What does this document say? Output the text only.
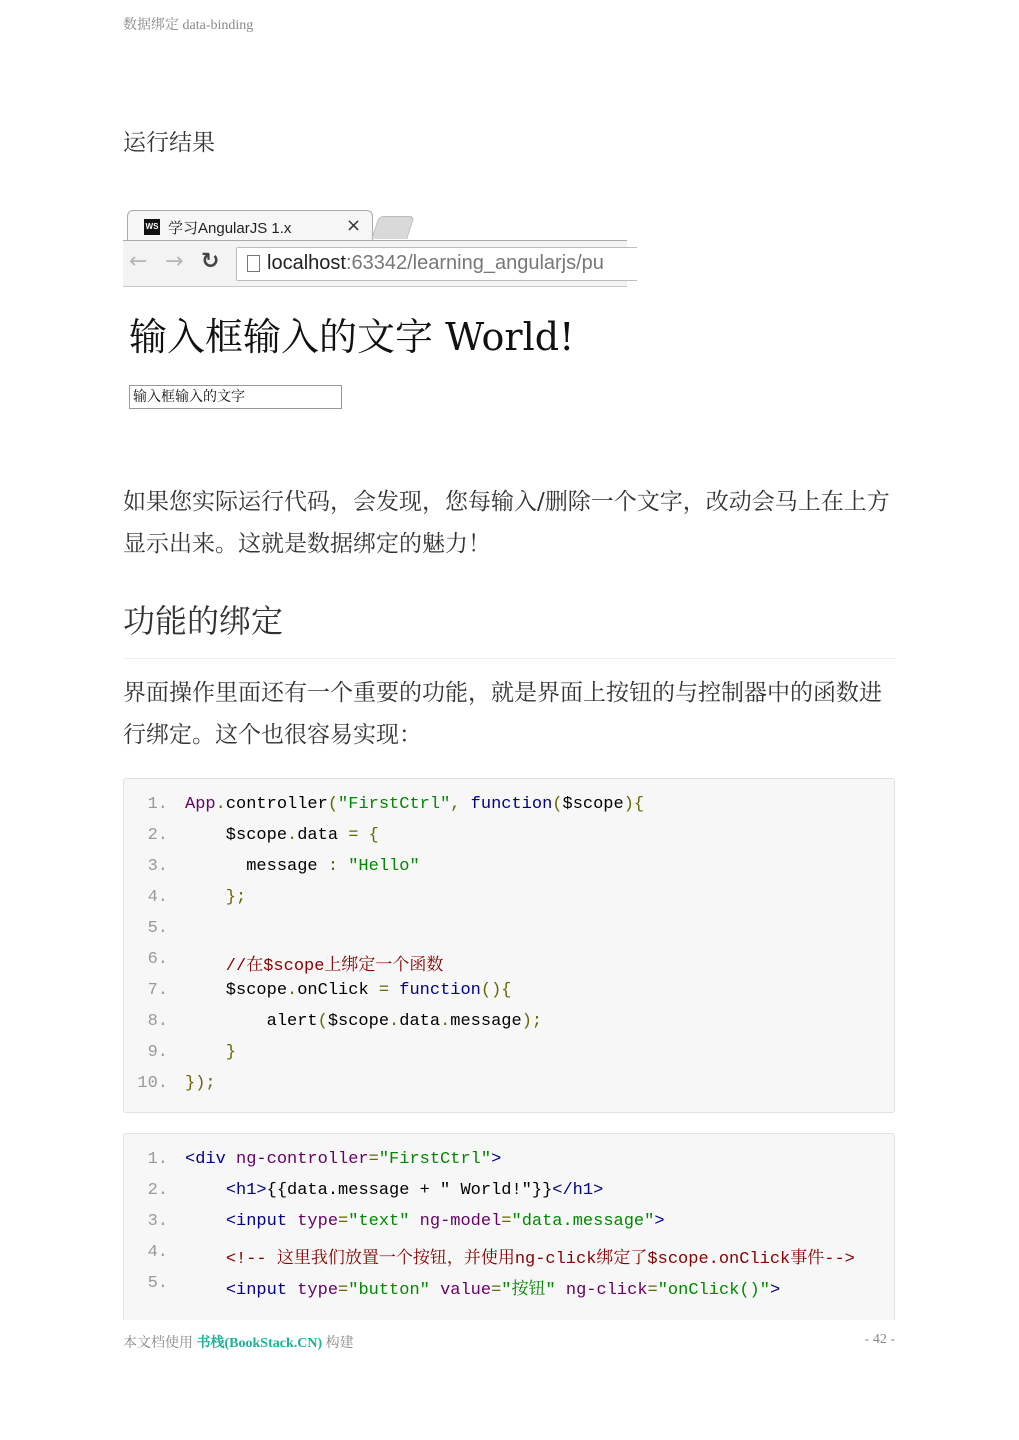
数据绑定 data-binding
运行结果
WS 学习AngularJS 1.x	×
← → ↻ localhost:63342/learning_angularjs/pu
输入框输入的文字 World!
输入框输入的文字
如果您实际运行代码，会发现，您每输入/删除一个文字，改动会马上在上方显示出来。这就是数据绑定的魅力！
功能的绑定
界面操作里面还有一个重要的功能，就是界面上按钮的与控制器中的函数进行绑定。这个也很容易实现：
1. App.controller("FirstCtrl", function($scope){
2. $scope.data = {
3. message : "Hello"
4. };
5.
6. //在$scope上绑定一个函数
7. $scope.onClick = function(){
8. alert($scope.data.message);
9. }
10. });
1. <div ng-controller="FirstCtrl">
2.	<h1>{{data.message + " World!"}}</h1>
3.	<input type="text" ng-model="data.message">
4.	<!-- 这里我们放置一个按钮，并使用ng-click绑定了$scope.onClick事件-->
5.	<input type="button" value="按钮" ng-click="onClick()">
本文档使用 书栈(BookStack.CN) 构建	- 42 -
